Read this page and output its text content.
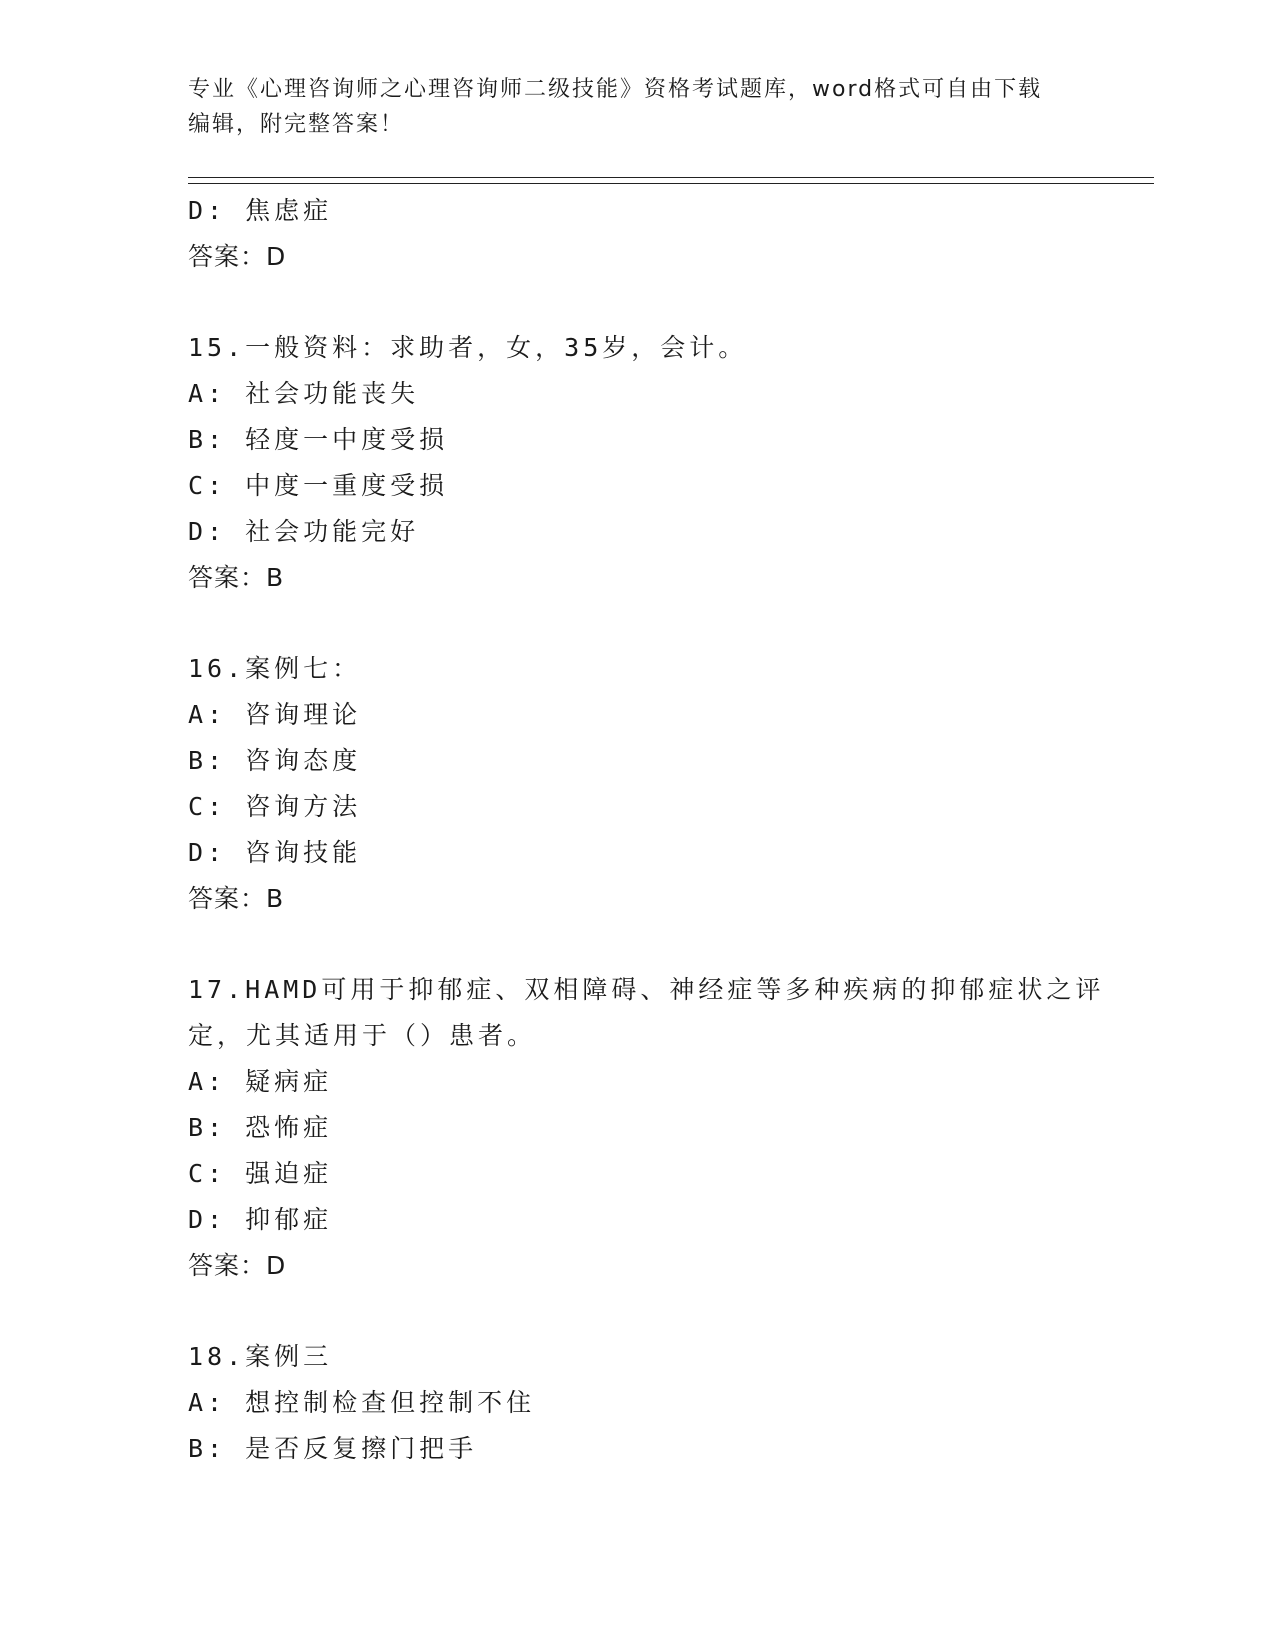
专业《心理咨询师之心理咨询师二级技能》资格考试题库，word格式可自由下载
编辑，附完整答案！
D: 焦虑症
答案：D
15.一般资料：求助者，女，35岁，会计。
A: 社会功能丧失
B: 轻度一中度受损
C: 中度一重度受损
D: 社会功能完好
答案：B
16.案例七：
A: 咨询理论
B: 咨询态度
C: 咨询方法
D: 咨询技能
答案：B
17.HAMD可用于抑郁症、双相障碍、神经症等多种疾病的抑郁症状之评
定，尤其适用于（）患者。
A: 疑病症
B: 恐怖症
C: 强迫症
D: 抑郁症
答案：D
18.案例三
A: 想控制检查但控制不住
B: 是否反复擦门把手
